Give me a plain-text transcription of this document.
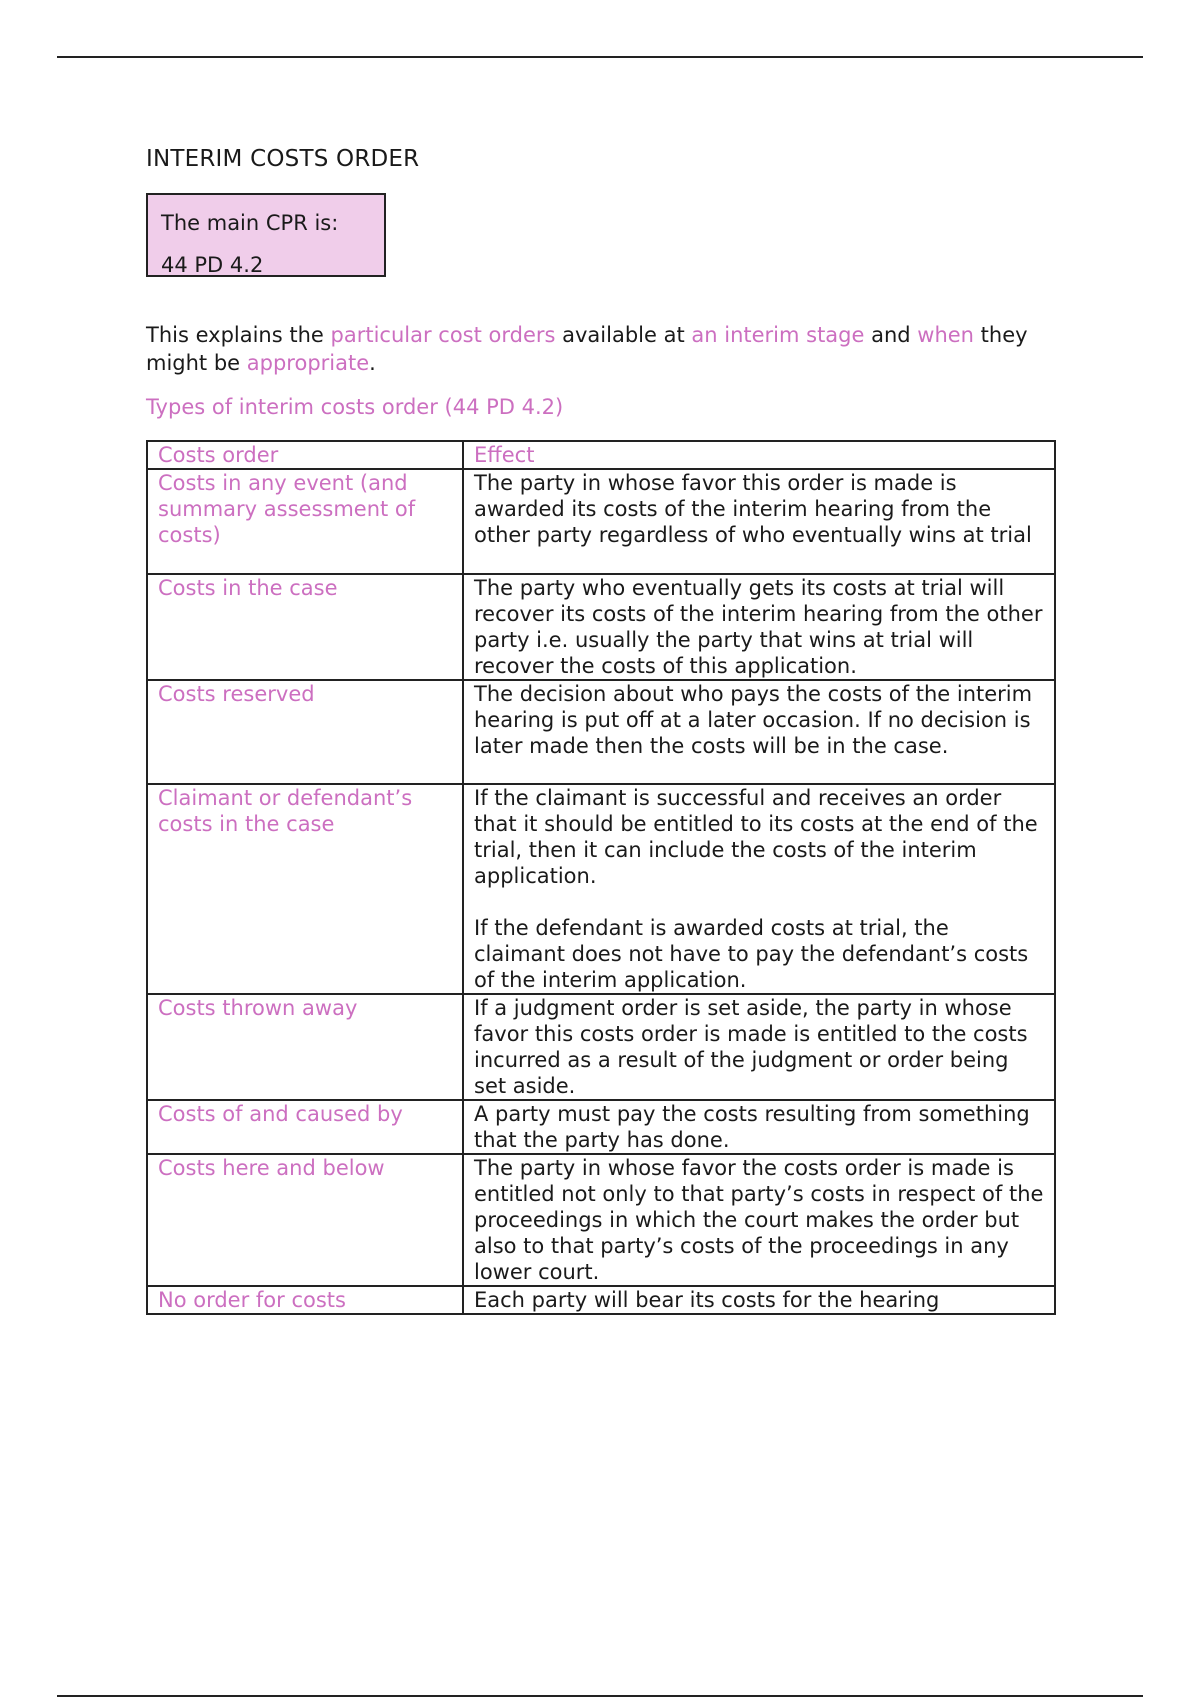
INTERIM COSTS ORDER
The main CPR is:
44 PD 4.2

This explains the particular cost orders available at an interim stage and when they might be appropriate.

Types of interim costs order (44 PD 4.2)
Costs order	Effect
Costs in any event (and summary assessment of costs)	The party in whose favor this order is made is awarded its costs of the interim hearing from the other party regardless of who eventually wins at trial
Costs in the case	The party who eventually gets its costs at trial will recover its costs of the interim hearing from the other party i.e. usually the party that wins at trial will recover the costs of this application.
Costs reserved	The decision about who pays the costs of the interim hearing is put off at a later occasion. If no decision is later made then the costs will be in the case.
Claimant or defendant’s costs in the case	If the claimant is successful and receives an order that it should be entitled to its costs at the end of the trial, then it can include the costs of the interim application.
If the defendant is awarded costs at trial, the claimant does not have to pay the defendant’s costs of the interim application.

Costs thrown away	If a judgment order is set aside, the party in whose favor this costs order is made is entitled to the costs incurred as a result of the judgment or order being set aside.
Costs of and caused by	A party must pay the costs resulting from something that the party has done.
Costs here and below	The party in whose favor the costs order is made is entitled not only to that party’s costs in respect of the proceedings in which the court makes the order but also to that party’s costs of the proceedings in any lower court.
No order for costs	Each party will bear its costs for the hearing
